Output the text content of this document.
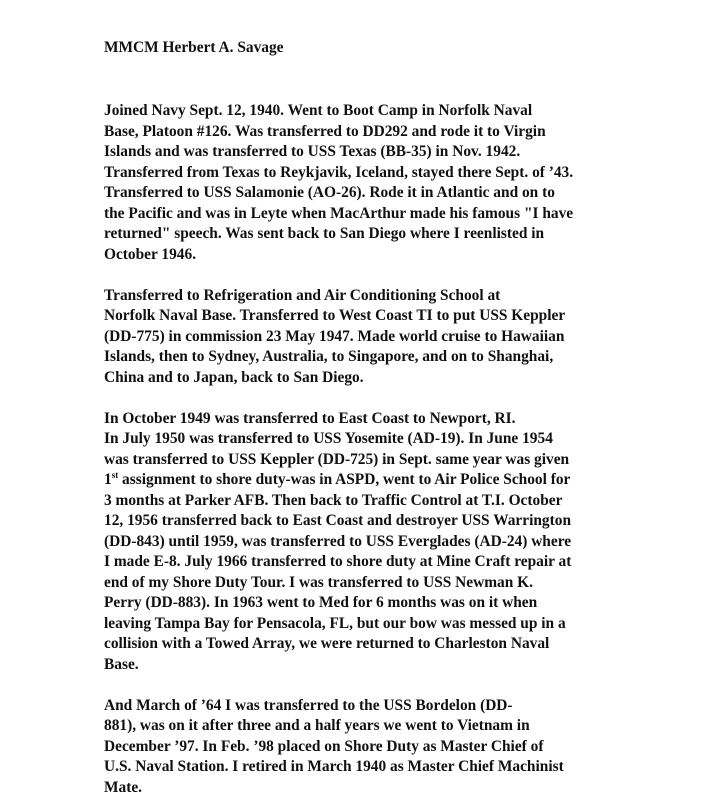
MMCM Herbert A. Savage

Joined Navy Sept. 12, 1940. Went to Boot Camp in Norfolk Naval
Base, Platoon #126. Was transferred to DD292 and rode it to Virgin
Islands and was transferred to USS Texas (BB-35) in Nov. 1942.
Transferred from Texas to Reykjavik, Iceland, stayed there Sept. of ’43.
Transferred to USS Salamonie (AO-26). Rode it in Atlantic and on to
the Pacific and was in Leyte when MacArthur made his famous "I have
returned" speech. Was sent back to San Diego where I reenlisted in
October 1946.

Transferred to Refrigeration and Air Conditioning School at
Norfolk Naval Base. Transferred to West Coast TI to put USS Keppler
(DD-775) in commission 23 May 1947. Made world cruise to Hawaiian
Islands, then to Sydney, Australia, to Singapore, and on to Shanghai,
China and to Japan, back to San Diego.

In October 1949 was transferred to East Coast to Newport, RI.
In July 1950 was transferred to USS Yosemite (AD-19). In June 1954
was transferred to USS Keppler (DD-725) in Sept. same year was given
1st assignment to shore duty-was in ASPD, went to Air Police School for
3 months at Parker AFB. Then back to Traffic Control at T.I. October
12, 1956 transferred back to East Coast and destroyer USS Warrington
(DD-843) until 1959, was transferred to USS Everglades (AD-24) where
I made E-8. July 1966 transferred to shore duty at Mine Craft repair at
end of my Shore Duty Tour. I was transferred to USS Newman K.
Perry (DD-883). In 1963 went to Med for 6 months was on it when
leaving Tampa Bay for Pensacola, FL, but our bow was messed up in a
collision with a Towed Array, we were returned to Charleston Naval
Base.

And March of ’64 I was transferred to the USS Bordelon (DD-
881), was on it after three and a half years we went to Vietnam in
December ’97. In Feb. ’98 placed on Shore Duty as Master Chief of
U.S. Naval Station. I retired in March 1940 as Master Chief Machinist
Mate.
